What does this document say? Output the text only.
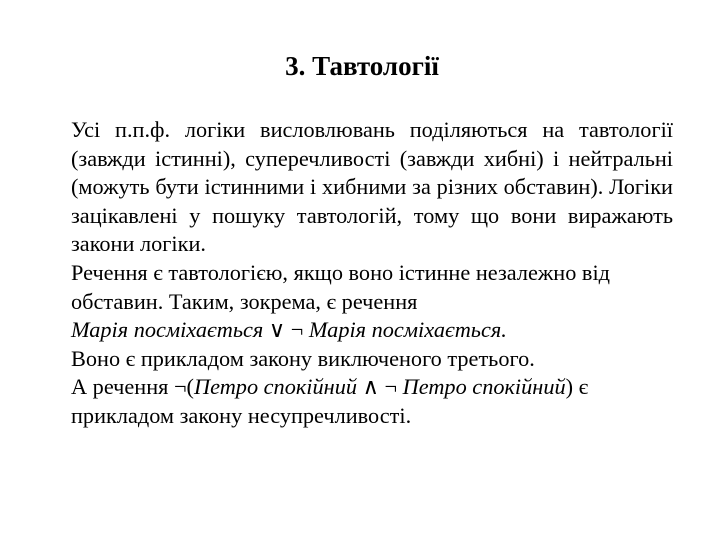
3. Тавтології

Усі п.п.ф. логіки висловлювань поділяються на тавтології (завжди істинні), суперечливості (завжди хибні) і нейтральні (можуть бути істинними і хибними за різних обставин). Логіки зацікавлені у пошуку тавтологій, тому що вони виражають закони логіки.

Речення є тавтологією, якщо воно істинне незалежно від обставин. Таким, зокрема, є речення

Марія посміхається ∨ ¬ Марія посміхається.

Воно є прикладом закону виключеного третього.

А речення ¬(Петро спокійний ∧ ¬ Петро спокійний) є прикладом закону несупречливості.
